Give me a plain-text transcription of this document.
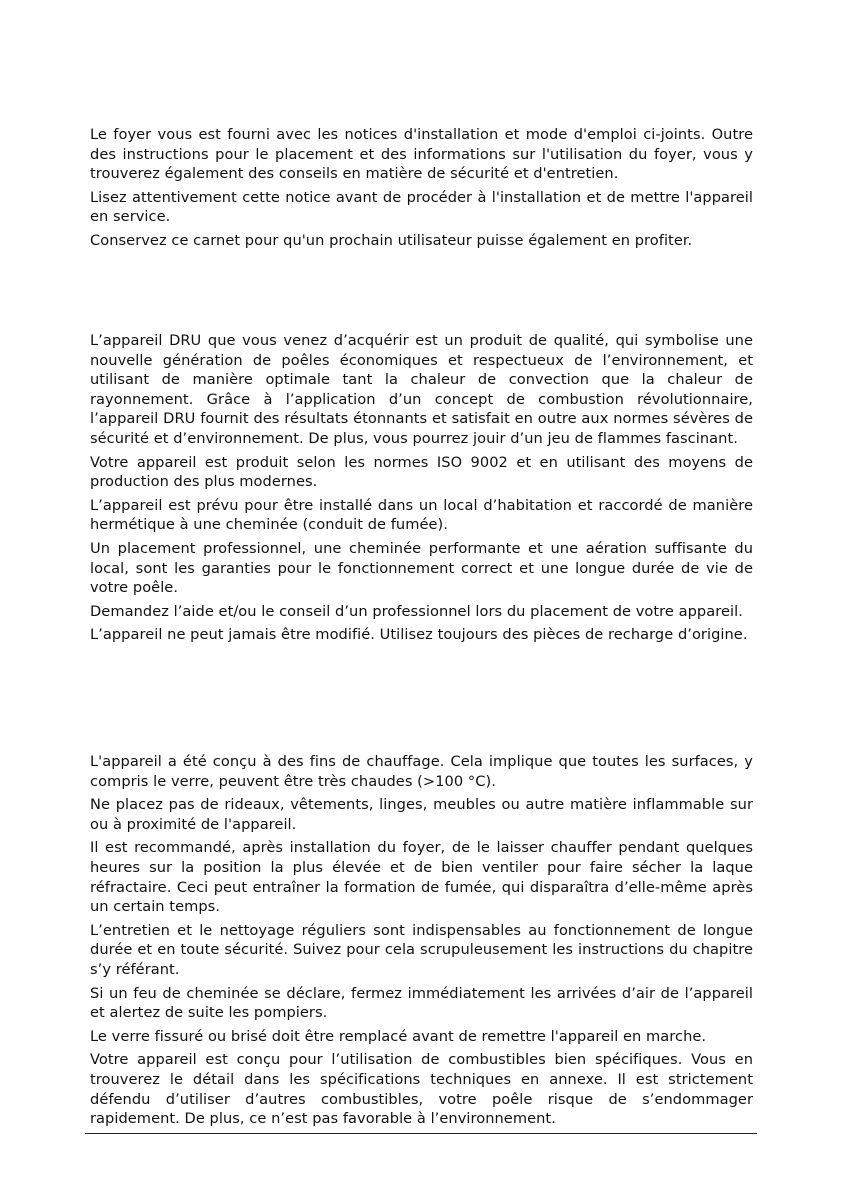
Le foyer vous est fourni avec les notices d'installation et mode d'emploi ci-joints. Outre des instructions pour le placement et des informations sur l'utilisation du foyer, vous y trouverez également des conseils en matière de sécurité et d'entretien.

Lisez attentivement cette notice avant de procéder à l'installation et de mettre l'appareil en service.

Conservez ce carnet pour qu'un prochain utilisateur puisse également en profiter.

L’appareil DRU que vous venez d’acquérir est un produit de qualité, qui symbolise une nouvelle génération de poêles économiques et respectueux de l’environnement, et utilisant de manière optimale tant la chaleur de convection que la chaleur de rayonnement. Grâce à l’application d’un concept de combustion révolutionnaire, l’appareil DRU fournit des résultats étonnants et satisfait en outre aux normes sévères de sécurité et d’environnement. De plus, vous pourrez jouir d’un jeu de flammes fascinant.

Votre appareil est produit selon les normes ISO 9002 et en utilisant des moyens de production des plus modernes.

L’appareil est prévu pour être installé dans un local d’habitation et raccordé de manière hermétique à une cheminée (conduit de fumée).

Un placement professionnel, une cheminée performante et une aération suffisante du local, sont les garanties pour le fonctionnement correct et une longue durée de vie de votre poêle.

Demandez l’aide et/ou le conseil d’un professionnel lors du placement de votre appareil.

L’appareil ne peut jamais être modifié. Utilisez toujours des pièces de recharge d’origine.

L'appareil a été conçu à des fins de chauffage. Cela implique que toutes les surfaces, y compris le verre, peuvent être très chaudes (>100 °C).

Ne placez pas de rideaux, vêtements, linges, meubles ou autre matière inflammable sur ou à proximité de l'appareil.

Il est recommandé, après installation du foyer, de le laisser chauffer pendant quelques heures sur la position la plus élevée et de bien ventiler pour faire sécher la laque réfractaire. Ceci peut entraîner la formation de fumée, qui disparaîtra d’elle-même après un certain temps.

L’entretien et le nettoyage réguliers sont indispensables au fonctionnement de longue durée et en toute sécurité. Suivez pour cela scrupuleusement les instructions du chapitre s’y référant.

Si un feu de cheminée se déclare, fermez immédiatement les arrivées d’air de l’appareil et alertez de suite les pompiers.

Le verre fissuré ou brisé doit être remplacé avant de remettre l'appareil en marche.

Votre appareil est conçu pour l’utilisation de combustibles bien spécifiques. Vous en trouverez le détail dans les spécifications techniques en annexe. Il est strictement défendu d’utiliser d’autres combustibles, votre poêle risque de s’endommager rapidement. De plus, ce n’est pas favorable à l’environnement.
